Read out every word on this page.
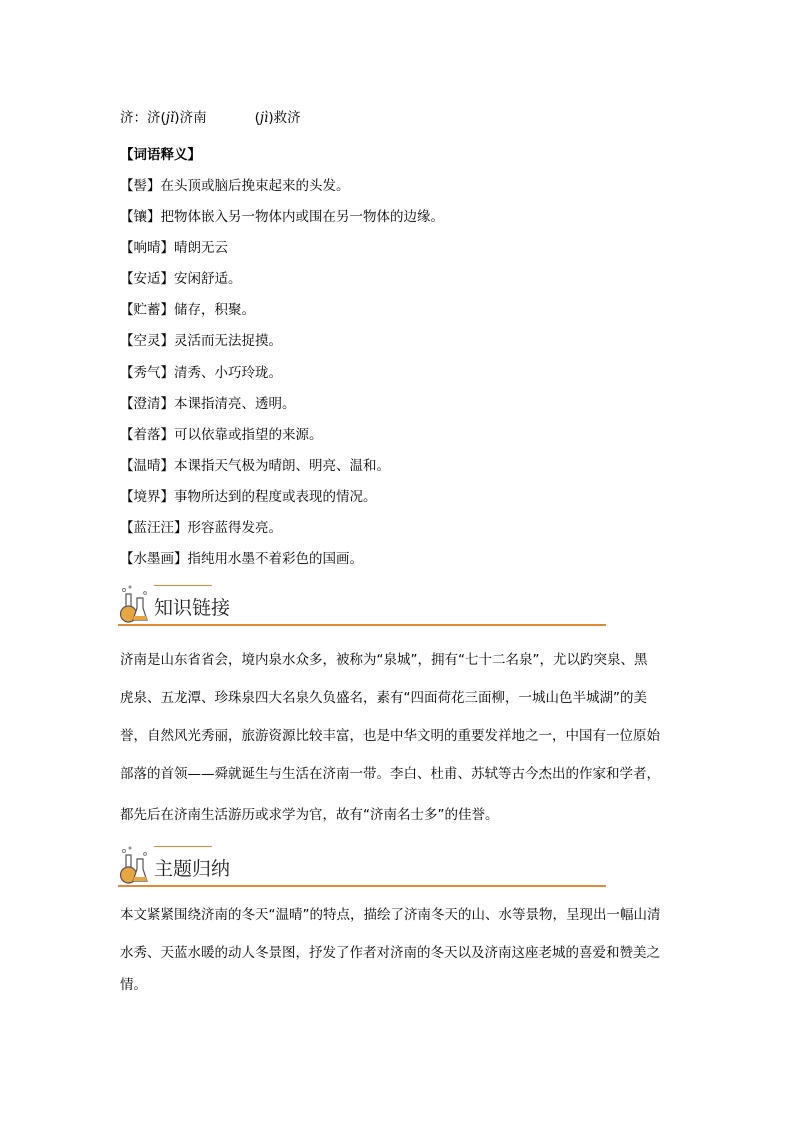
济：济(jǐ)济南	(jì)救济
【词语释义】
【髻】在头顶或脑后挽束起来的头发。
【镶】把物体嵌入另一物体内或围在另一物体的边缘。
【响晴】晴朗无云
【安适】安闲舒适。
【贮蓄】储存，积聚。
【空灵】灵活而无法捉摸。
【秀气】清秀、小巧玲珑。
【澄清】本课指清亮、透明。
【着落】可以依靠或指望的来源。
【温晴】本课指天气极为晴朗、明亮、温和。
【境界】事物所达到的程度或表现的情况。
【蓝汪汪】形容蓝得发亮。
【水墨画】指纯用水墨不着彩色的国画。
知识链接
济南是山东省省会，境内泉水众多，被称为“泉城”，拥有“七十二名泉”，尤以趵突泉、黑
虎泉、五龙潭、珍珠泉四大名泉久负盛名，素有“四面荷花三面柳，一城山色半城湖”的美
誉，自然风光秀丽，旅游资源比较丰富，也是中华文明的重要发祥地之一，中国有一位原始
部落的首领——舜就诞生与生活在济南一带。李白、杜甫、苏轼等古今杰出的作家和学者，
都先后在济南生活游历或求学为官，故有“济南名士多”的佳誉。
主题归纳
本文紧紧围绕济南的冬天“温晴”的特点，描绘了济南冬天的山、水等景物，呈现出一幅山清
水秀、天蓝水暖的动人冬景图，抒发了作者对济南的冬天以及济南这座老城的喜爱和赞美之
情。
